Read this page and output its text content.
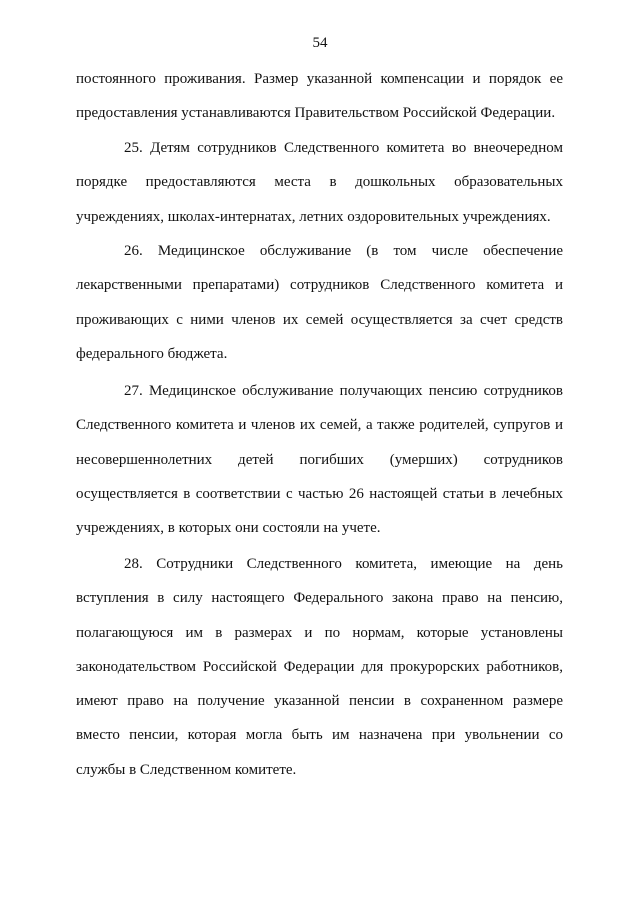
54

постоянного проживания. Размер указанной компенсации и порядок ее предоставления устанавливаются Правительством Российской Федерации.

25. Детям сотрудников Следственного комитета во внеочередном порядке предоставляются места в дошкольных образовательных учреждениях, школах-интернатах, летних оздоровительных учреждениях.

26. Медицинское обслуживание (в том числе обеспечение лекарственными препаратами) сотрудников Следственного комитета и проживающих с ними членов их семей осуществляется за счет средств федерального бюджета.

27. Медицинское обслуживание получающих пенсию сотрудников Следственного комитета и членов их семей, а также родителей, супругов и несовершеннолетних детей погибших (умерших) сотрудников осуществляется в соответствии с частью 26 настоящей статьи в лечебных учреждениях, в которых они состояли на учете.

28. Сотрудники Следственного комитета, имеющие на день вступления в силу настоящего Федерального закона право на пенсию, полагающуюся им в размерах и по нормам, которые установлены законодательством Российской Федерации для прокурорских работников, имеют право на получение указанной пенсии в сохраненном размере вместо пенсии, которая могла быть им назначена при увольнении со службы в Следственном комитете.
